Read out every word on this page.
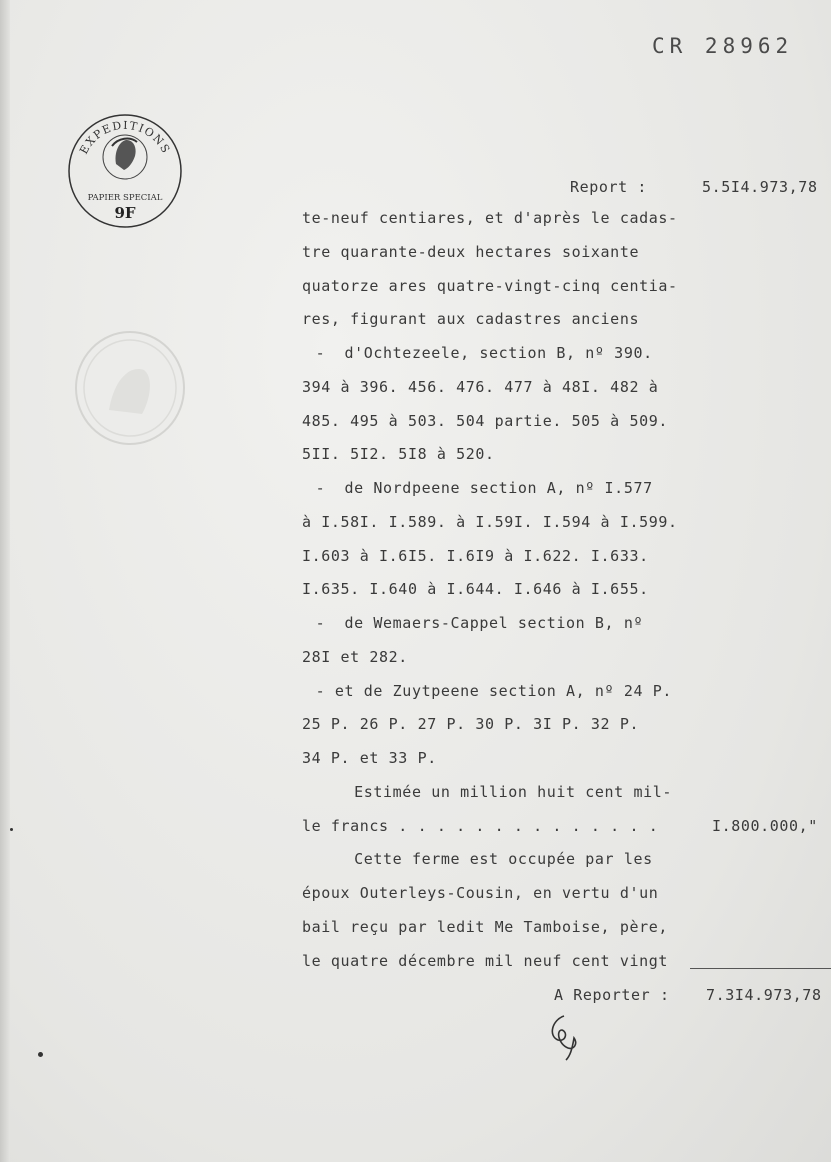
CR 28962
EXPEDITIONS
PAPIER SPECIAL
9F
Report :	5.5I4.973,78
te-neuf centiares, et d'après le cadas-
tre quarante-deux hectares soixante
quatorze ares quatre-vingt-cinq centia-
res, figurant aux cadastres anciens
-  d'Ochtezeele, section B, nº 390.
394 à 396. 456. 476. 477 à 48I. 482 à
485. 495 à 503. 504 partie. 505 à 509.
5II. 5I2. 5I8 à 520.
-  de Nordpeene section A, nº I.577
à I.58I. I.589. à I.59I. I.594 à I.599.
I.603 à I.6I5. I.6I9 à I.622. I.633.
I.635. I.640 à I.644. I.646 à I.655.
-  de Wemaers-Cappel section B, nº
28I et 282.
- et de Zuytpeene section A, nº 24 P.
25 P. 26 P. 27 P. 30 P. 3I P. 32 P.
34 P. et 33 P.
Estimée un million huit cent mil-
le francs . . . . . . . . . . . . . .
Cette ferme est occupée par les
époux Outerleys-Cousin, en vertu d'un
bail reçu par ledit Me Tamboise, père,
le quatre décembre mil neuf cent vingt
I.800.000,"
A Reporter : 7.3I4.973,78
